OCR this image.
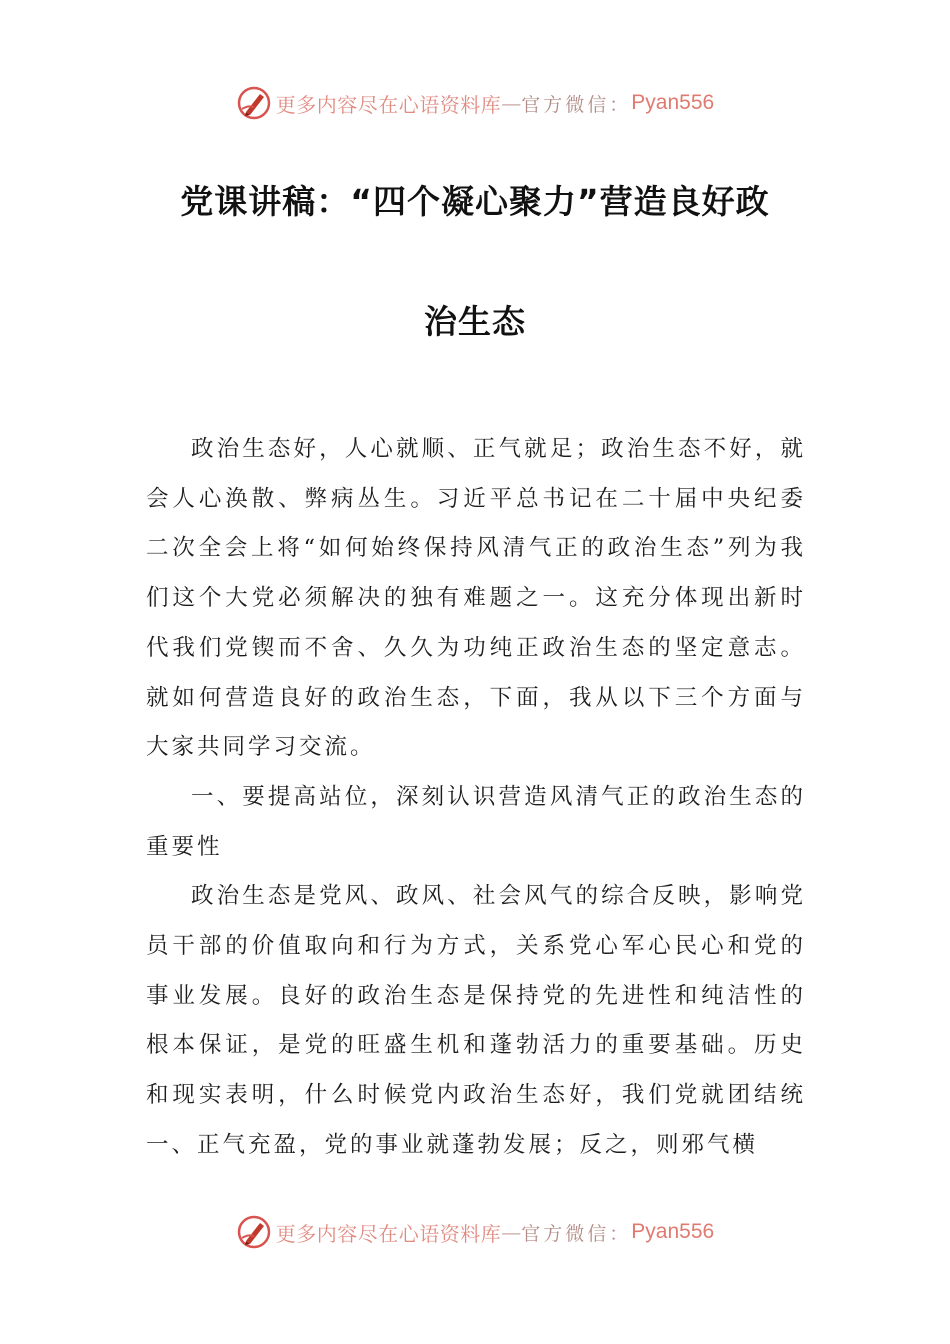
更多内容尽在心语资料库 — 官方微信： Pyan556
党课讲稿：“四个凝心聚力”营造良好政
治生态

政治生态好，人心就顺、正气就足；政治生态不好，就会人心涣散、弊病丛生。习近平总书记在二十届中央纪委二次全会上将“如何始终保持风清气正的政治生态”列为我们这个大党必须解决的独有难题之一。这充分体现出新时代我们党锲而不舍、久久为功纯正政治生态的坚定意志。就如何营造良好的政治生态，下面，我从以下三个方面与大家共同学习交流。

一、要提高站位，深刻认识营造风清气正的政治生态的重要性

政治生态是党风、政风、社会风气的综合反映，影响党员干部的价值取向和行为方式，关系党心军心民心和党的事业发展。良好的政治生态是保持党的先进性和纯洁性的根本保证，是党的旺盛生机和蓬勃活力的重要基础。历史和现实表明，什么时候党内政治生态好，我们党就团结统一、正气充盈，党的事业就蓬勃发展；反之，则邪气横

更多内容尽在心语资料库 — 官方微信： Pyan556
